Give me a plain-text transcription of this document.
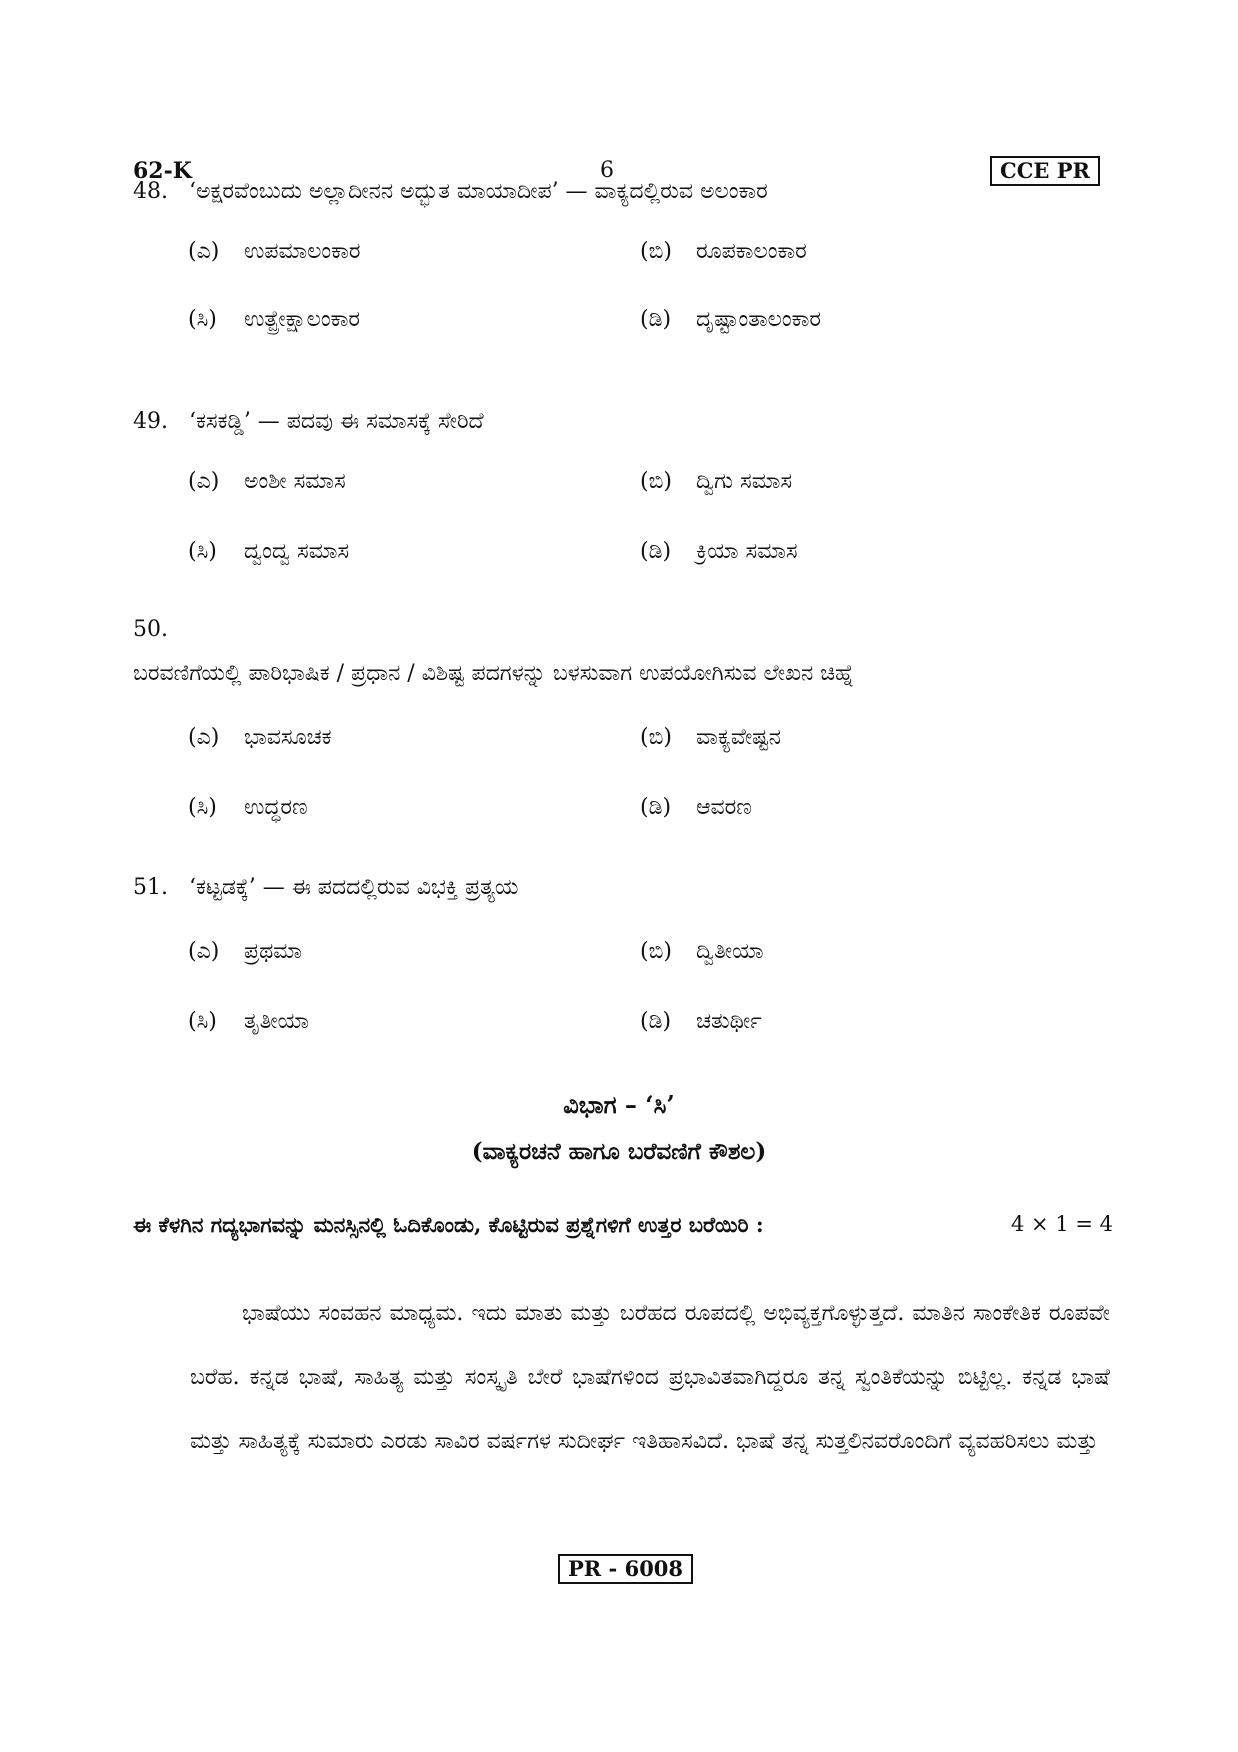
62-K	6	CCE PR
48. ‘ಅಕ್ಷರವೆಂಬುದು ಅಲ್ಲಾದೀನನ ಅದ್ಭುತ ಮಾಯಾದೀಪ’ — ವಾಕ್ಯದಲ್ಲಿರುವ ಅಲಂಕಾರ
(ಎ) ಉಪಮಾಲಂಕಾರ	(ಬಿ) ರೂಪಕಾಲಂಕಾರ
(ಸಿ) ಉತ್ಪ್ರೇಕ್ಷಾಲಂಕಾರ	(ಡಿ) ದೃಷ್ಟಾಂತಾಲಂಕಾರ
49. ‘ಕಸಕಡ್ಡಿ’ — ಪದವು ಈ ಸಮಾಸಕ್ಕೆ ಸೇರಿದೆ
(ಎ) ಅಂಶೀ ಸಮಾಸ	(ಬಿ) ದ್ವಿಗು ಸಮಾಸ
(ಸಿ) ದ್ವಂದ್ವ ಸಮಾಸ	(ಡಿ) ಕ್ರಿಯಾ ಸಮಾಸ
50.ಬರವಣಿಗೆಯಲ್ಲಿ ಪಾರಿಭಾಷಿಕ / ಪ್ರಧಾನ / ವಿಶಿಷ್ಟ ಪದಗಳನ್ನು ಬಳಸುವಾಗ ಉಪಯೋಗಿಸುವ ಲೇಖನ ಚಿಹ್ನೆ
(ಎ) ಭಾವಸೂಚಕ	(ಬಿ) ವಾಕ್ಯವೇಷ್ಟನ
(ಸಿ) ಉದ್ಧರಣ	(ಡಿ) ಆವರಣ
51. ‘ಕಟ್ಟಡಕ್ಕೆ’ — ಈ ಪದದಲ್ಲಿರುವ ವಿಭಕ್ತಿ ಪ್ರತ್ಯಯ
(ಎ) ಪ್ರಥಮಾ	(ಬಿ) ದ್ವಿತೀಯಾ
(ಸಿ) ತೃತೀಯಾ	(ಡಿ) ಚತುರ್ಥೀ
ವಿಭಾಗ – ‘ಸಿ’
(ವಾಕ್ಯರಚನೆ ಹಾಗೂ ಬರೆವಣಿಗೆ ಕೌಶಲ)
ಈ ಕೆಳಗಿನ ಗದ್ಯಭಾಗವನ್ನು ಮನಸ್ಸಿನಲ್ಲಿ ಓದಿಕೊಂಡು, ಕೊಟ್ಟಿರುವ ಪ್ರಶ್ನೆಗಳಿಗೆ ಉತ್ತರ ಬರೆಯಿರಿ :	4 × 1 = 4
ಭಾಷೆಯು ಸಂವಹನ ಮಾಧ್ಯಮ. ಇದು ಮಾತು ಮತ್ತು ಬರೆಹದ ರೂಪದಲ್ಲಿ ಅಭಿವ್ಯಕ್ತಗೊಳ್ಳುತ್ತದೆ. ಮಾತಿನ ಸಾಂಕೇತಿಕ ರೂಪವೇ ಬರೆಹ. ಕನ್ನಡ ಭಾಷೆ, ಸಾಹಿತ್ಯ ಮತ್ತು ಸಂಸ್ಕೃತಿ ಬೇರೆ ಭಾಷೆಗಳಿಂದ ಪ್ರಭಾವಿತವಾಗಿದ್ದರೂ ತನ್ನ ಸ್ವಂತಿಕೆಯನ್ನು ಬಿಟ್ಟಿಲ್ಲ. ಕನ್ನಡ ಭಾಷೆ ಮತ್ತು ಸಾಹಿತ್ಯಕ್ಕೆ ಸುಮಾರು ಎರಡು ಸಾವಿರ ವರ್ಷಗಳ ಸುದೀರ್ಘ ಇತಿಹಾಸವಿದೆ. ಭಾಷೆ ತನ್ನ ಸುತ್ತಲಿನವರೊಂದಿಗೆ ವ್ಯವಹರಿಸಲು ಮತ್ತು
PR - 6008
